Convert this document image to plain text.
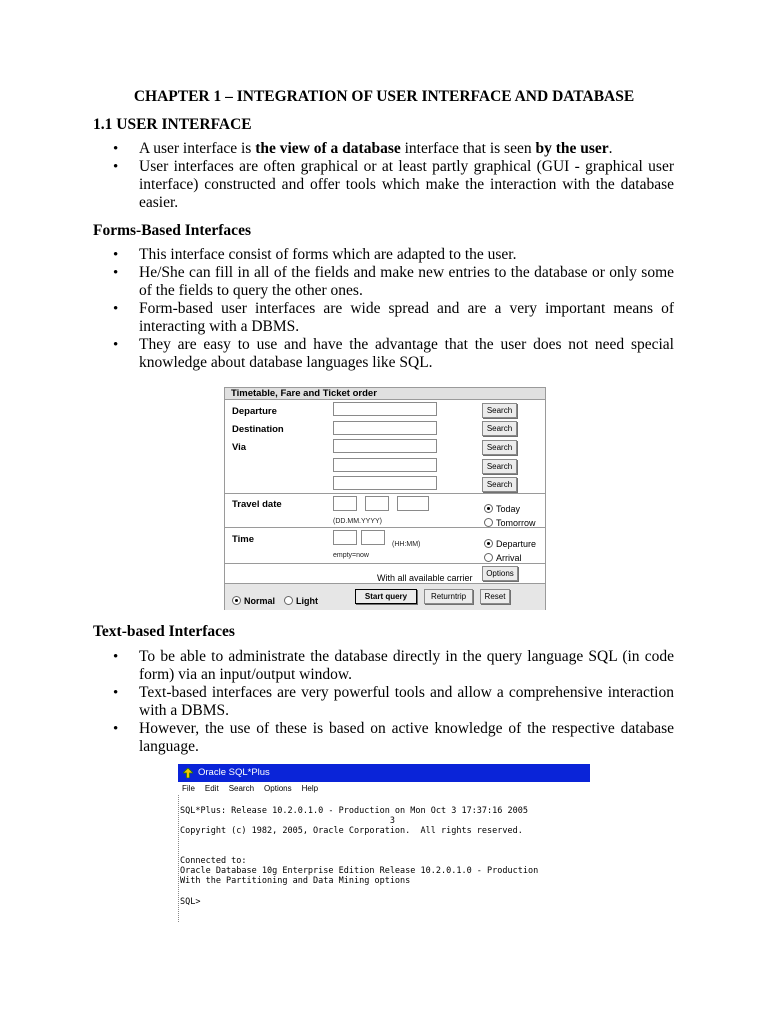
CHAPTER 1 – INTEGRATION OF USER INTERFACE AND DATABASE
1.1 USER INTERFACE
• A user interface is the view of a database interface that is seen by the user.
• User interfaces are often graphical or at least partly graphical (GUI - graphical user interface) constructed and offer tools which make the interaction with the database easier.
Forms-Based Interfaces
• This interface consist of forms which are adapted to the user.
• He/She can fill in all of the fields and make new entries to the database or only some of the fields to query the other ones.
• Form-based user interfaces are wide spread and are a very important means of interacting with a DBMS.
• They are easy to use and have the advantage that the user does not need special knowledge about database languages like SQL.
Timetable, Fare and Ticket order
Departure
Destination
Via
Search
Search
Search
Search
Search
Travel date
(DD.MM.YYYY)
Today
Tomorrow
Time	(HH:MM)
empty=now
Departure
Arrival
With all available carrier	Options
Normal	Light	Start query	Returntrip	Reset
Text-based Interfaces
• To be able to administrate the database directly in the query language SQL (in code form) via an input/output window.
• Text-based interfaces are very powerful tools and allow a comprehensive interaction with a DBMS.
• However, the use of these is based on active knowledge of the respective database language.
Oracle SQL*Plus
File Edit Search Options Help
SQL*Plus: Release 10.2.0.1.0 - Production on Mon Oct 3 17:37:16 2005
3
Copyright (c) 1982, 2005, Oracle Corporation.  All rights reserved.
Connected to:
Oracle Database 10g Enterprise Edition Release 10.2.0.1.0 - Production
With the Partitioning and Data Mining options
SQL>
